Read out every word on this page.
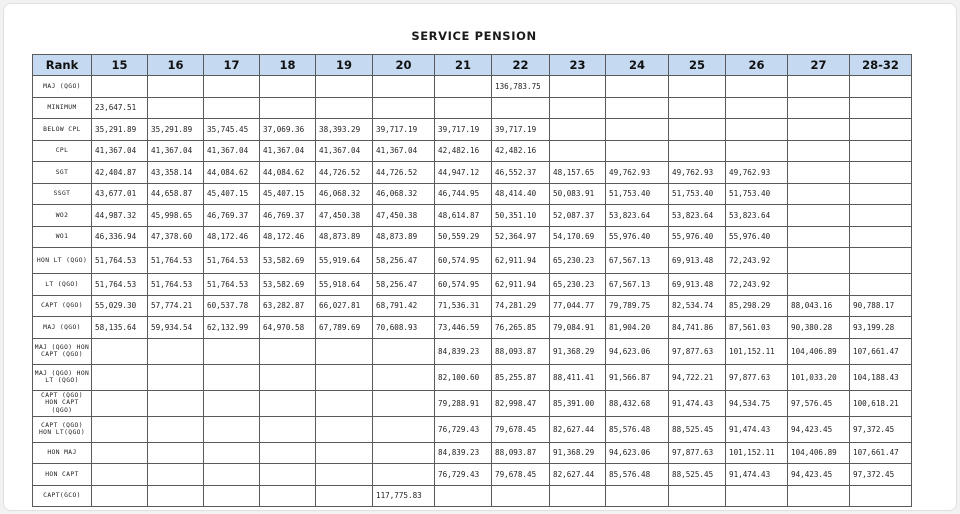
SERVICE PENSION
Rank	15	16	17	18	19	20	21	22	23	24	25	26	27	28-32
MAJ (QGO)								136,783.75						
MINIMUM	23,647.51													
BELOW CPL	35,291.89	35,291.89	35,745.45	37,069.36	38,393.29	39,717.19	39,717.19	39,717.19						
CPL	41,367.04	41,367.04	41,367.04	41,367.04	41,367.04	41,367.04	42,482.16	42,482.16						
SGT	42,404.87	43,358.14	44,084.62	44,084.62	44,726.52	44,726.52	44,947.12	46,552.37	48,157.65	49,762.93	49,762.93	49,762.93		
SSGT	43,677.01	44,658.87	45,407.15	45,407.15	46,068.32	46,068.32	46,744.95	48,414.40	50,083.91	51,753.40	51,753.40	51,753.40		
WO2	44,987.32	45,998.65	46,769.37	46,769.37	47,450.38	47,450.38	48,614.87	50,351.10	52,087.37	53,823.64	53,823.64	53,823.64		
WO1	46,336.94	47,378.60	48,172.46	48,172.46	48,873.89	48,873.89	50,559.29	52,364.97	54,170.69	55,976.40	55,976.40	55,976.40		
HON LT (QGO)	51,764.53	51,764.53	51,764.53	53,582.69	55,919.64	58,256.47	60,574.95	62,911.94	65,230.23	67,567.13	69,913.48	72,243.92		
LT (QGO)	51,764.53	51,764.53	51,764.53	53,582.69	55,918.64	58,256.47	60,574.95	62,911.94	65,230.23	67,567.13	69,913.48	72,243.92		
CAPT (QGO)	55,029.30	57,774.21	60,537.78	63,282.87	66,027.81	68,791.42	71,536.31	74,281.29	77,044.77	79,789.75	82,534.74	85,298.29	88,043.16	90,788.17
MAJ (QGO)	58,135.64	59,934.54	62,132.99	64,970.58	67,789.69	70,608.93	73,446.59	76,265.85	79,084.91	81,904.20	84,741.86	87,561.03	90,380.28	93,199.28
MAJ (QGO) HON CAPT (QGO)							84,839.23	88,093.87	91,368.29	94,623.06	97,877.63	101,152.11	104,406.89	107,661.47
MAJ (QGO) HON LT (QGO)							82,100.60	85,255.87	88,411.41	91,566.87	94,722.21	97,877.63	101,033.20	104,188.43
CAPT (QGO) HON CAPT (QGO)							79,288.91	82,998.47	85,391.00	88,432.68	91,474.43	94,534.75	97,576.45	100,618.21
CAPT (QGO) HON LT(QGO)							76,729.43	79,678.45	82,627.44	85,576.48	88,525.45	91,474.43	94,423.45	97,372.45
HON MAJ							84,839.23	88,093.87	91,368.29	94,623.06	97,877.63	101,152.11	104,406.89	107,661.47
HON CAPT							76,729.43	79,678.45	82,627.44	85,576.48	88,525.45	91,474.43	94,423.45	97,372.45
CAPT(GCO)						117,775.83								
